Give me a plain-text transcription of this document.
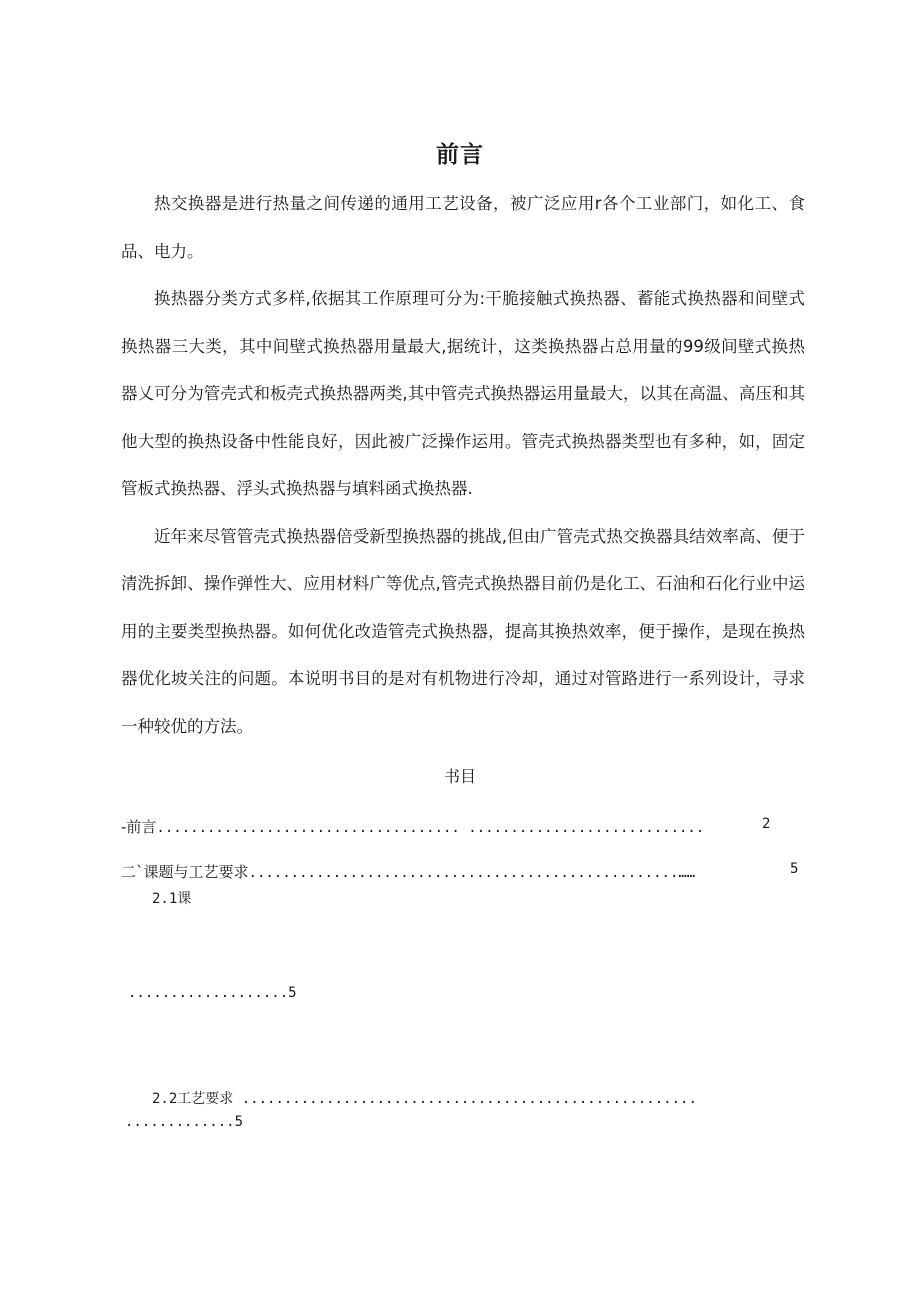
前言

热交换器是进行热量之间传递的通用工艺设备，被广泛应用r各个工业部门，如化工、食品、电力。

换热器分类方式多样,依据其工作原理可分为:干脆接触式换热器、蓄能式换热器和间壁式换热器三大类，其中间壁式换热器用量最大,据统计，这类换热器占总用量的99级间壁式换热器乂可分为管壳式和板壳式换热器两类,其中管壳式换热器运用量最大，以其在高温、高压和其他大型的换热设备中性能良好，因此被广泛操作运用。管壳式换热器类型也有多种，如，固定管板式换热器、浮头式换热器与填料函式换热器.

近年来尽管管壳式换热器倍受新型换热器的挑战,但由广管壳式热交换器具结效率高、便于清洗拆卸、操作弹性大、应用材料广等优点,管壳式换热器目前仍是化工、石油和石化行业中运用的主要类型换热器。如何优化改造管壳式换热器，提高其换热效率，便于操作，是现在换热器优化坡关注的问题。本说明书目的是对有机物进行冷却，通过对管路进行一系列设计，寻求一种较优的方法。

书目
-前言.................................... ............................	2
二`课题与工艺要求...................................................……	5
2.1课
...................5
2.2工艺要求 ......................................................
.............5
